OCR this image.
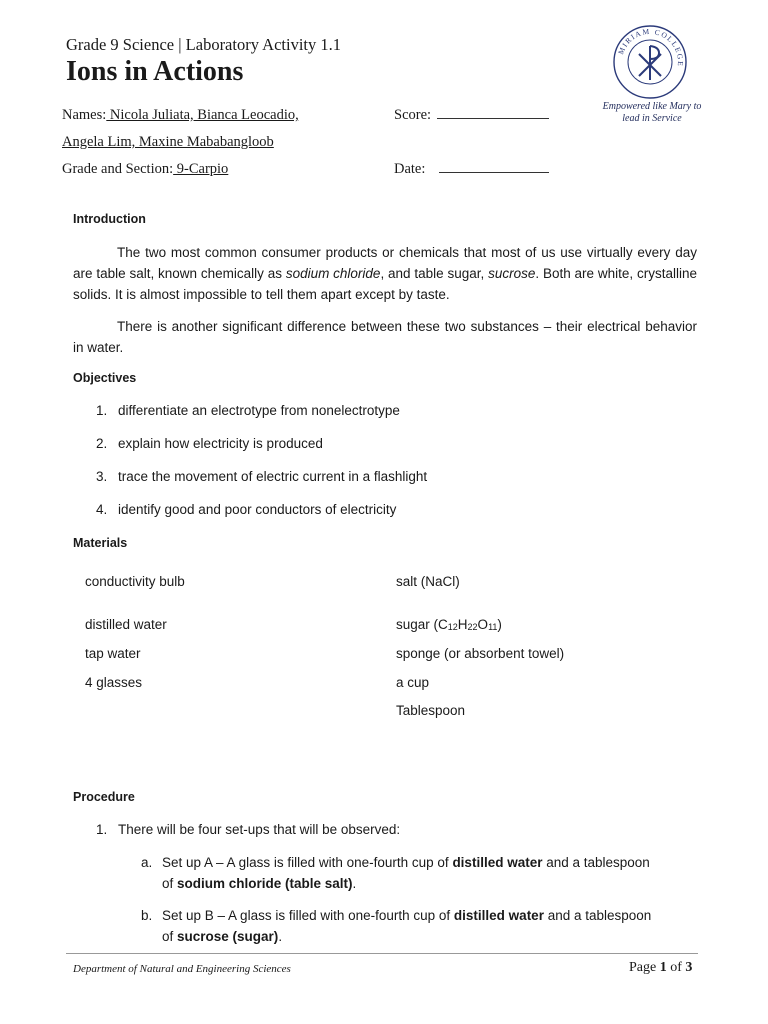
Grade 9 Science | Laboratory Activity 1.1
Ions in Actions
Names: Nicola Juliata, Bianca Leocadio,
Angela Lim, Maxine Mababangloob
Grade and Section: 9-Carpio
Score:
Date:
MIRIAM COLLEGE
Empowered like Mary to lead in Service
Introduction
The two most common consumer products or chemicals that most of us use virtually every day are table salt, known chemically as sodium chloride, and table sugar, sucrose. Both are white, crystalline solids. It is almost impossible to tell them apart except by taste.
There is another significant difference between these two substances – their electrical behavior in water.
Objectives
1. differentiate an electrotype from nonelectrotype
2. explain how electricity is produced
3. trace the movement of electric current in a flashlight
4. identify good and poor conductors of electricity
Materials
conductivity bulb
distilled water
tap water
4 glasses
salt (NaCl)
sugar $(C_{12}H_{22}O_{11})$
sponge (or absorbent towel)
a cup
Tablespoon
Procedure
1. There will be four set-ups that will be observed:
a. Set up A – A glass is filled with one-fourth cup of distilled water and a tablespoon
of sodium chloride (table salt).
b. Set up B – A glass is filled with one-fourth cup of distilled water and a tablespoon
of sucrose (sugar).
Department of Natural and Engineering Sciences	Page 1 of 3
